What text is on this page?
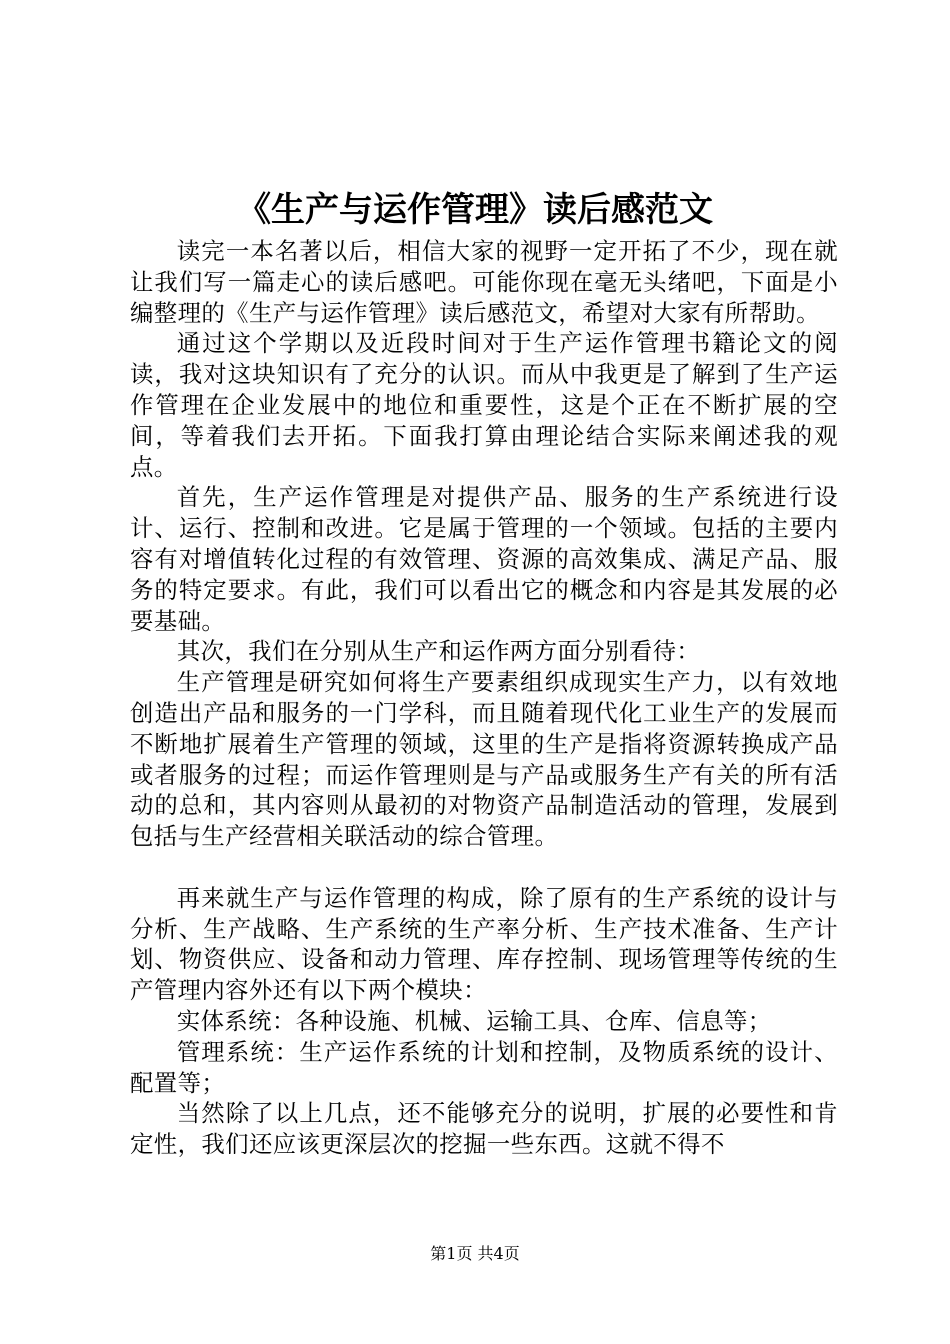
《生产与运作管理》读后感范文

读完一本名著以后，相信大家的视野一定开拓了不少，现在就让我们写一篇走心的读后感吧。可能你现在毫无头绪吧，下面是小编整理的《生产与运作管理》读后感范文，希望对大家有所帮助。

通过这个学期以及近段时间对于生产运作管理书籍论文的阅读，我对这块知识有了充分的认识。而从中我更是了解到了生产运作管理在企业发展中的地位和重要性，这是个正在不断扩展的空间，等着我们去开拓。下面我打算由理论结合实际来阐述我的观点。

首先，生产运作管理是对提供产品、服务的生产系统进行设计、运行、控制和改进。它是属于管理的一个领域。包括的主要内容有对增值转化过程的有效管理、资源的高效集成、满足产品、服务的特定要求。有此，我们可以看出它的概念和内容是其发展的必要基础。

其次，我们在分别从生产和运作两方面分别看待：

生产管理是研究如何将生产要素组织成现实生产力，以有效地创造出产品和服务的一门学科，而且随着现代化工业生产的发展而不断地扩展着生产管理的领域，这里的生产是指将资源转换成产品或者服务的过程；而运作管理则是与产品或服务生产有关的所有活动的总和，其内容则从最初的对物资产品制造活动的管理，发展到包括与生产经营相关联活动的综合管理。

再来就生产与运作管理的构成，除了原有的生产系统的设计与分析、生产战略、生产系统的生产率分析、生产技术准备、生产计划、物资供应、设备和动力管理、库存控制、现场管理等传统的生产管理内容外还有以下两个模块：

实体系统：各种设施、机械、运输工具、仓库、信息等；

管理系统：生产运作系统的计划和控制，及物质系统的设计、配置等；

当然除了以上几点，还不能够充分的说明，扩展的必要性和肯定性，我们还应该更深层次的挖掘一些东西。这就不得不

第1页 共4页
